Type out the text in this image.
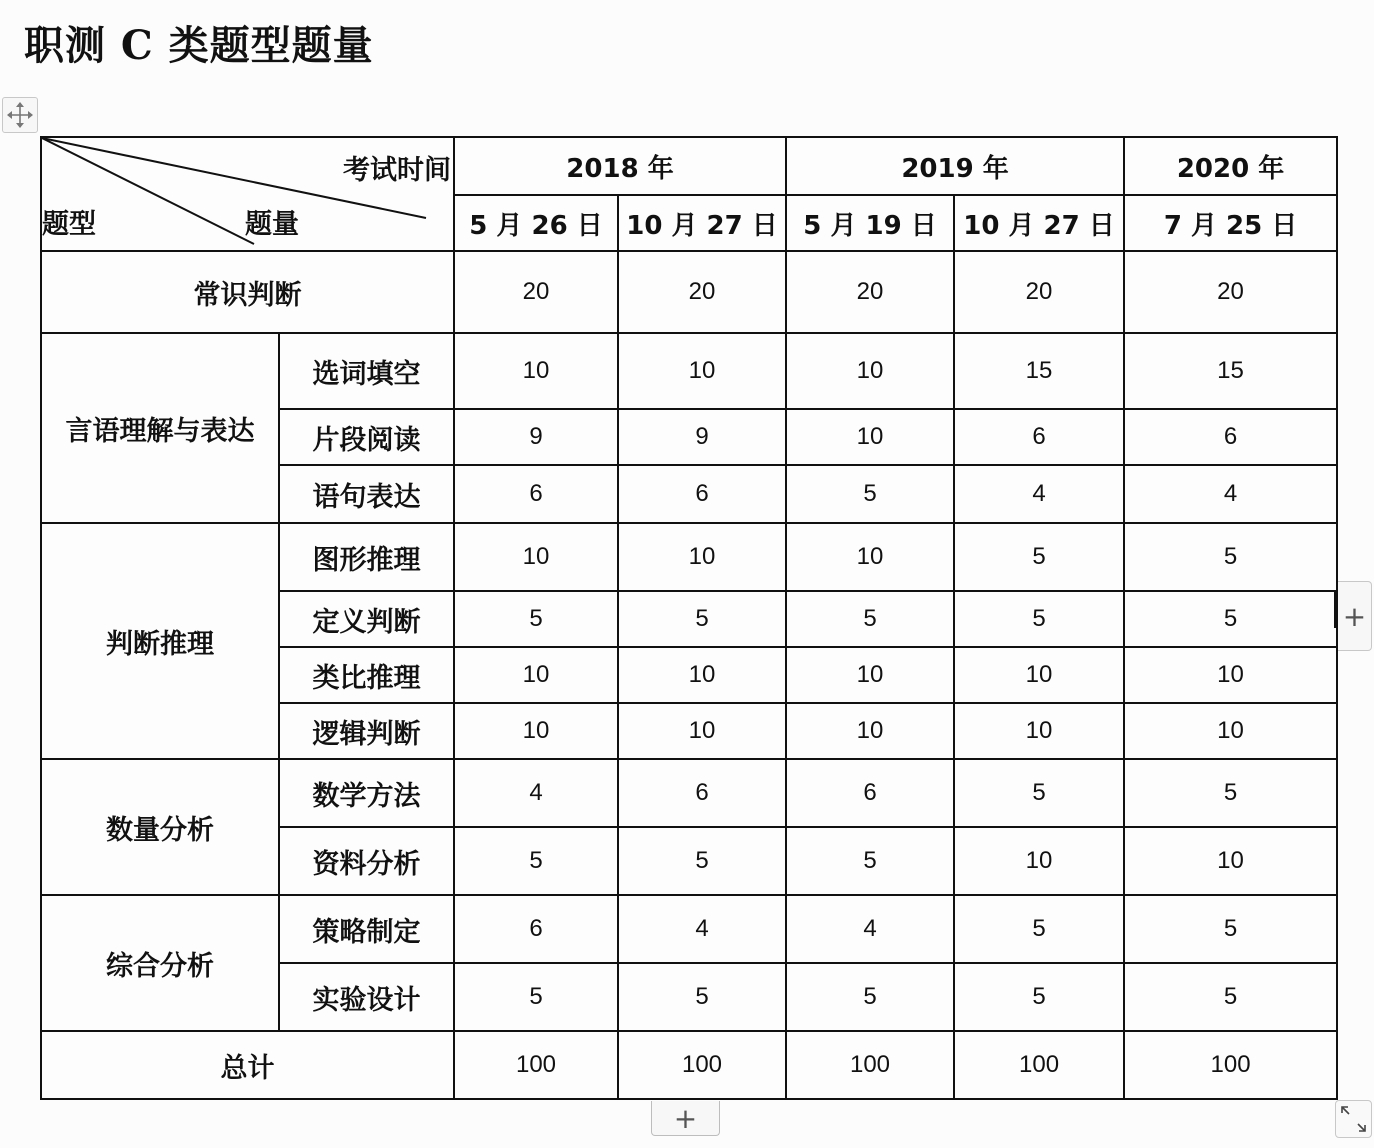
职测 C 类题型题量
考试时间
题型 题量		2018 年		2019 年		2020 年
		5 月 26 日	10 月 27 日	5 月 19 日	10 月 27 日	7 月 25 日
常识判断		20	20	20	20	20
言语理解与表达	选词填空	10	10	10	15	15
	片段阅读	9	9	10	6	6
	语句表达	6	6	5	4	4
判断推理	图形推理	10	10	10	5	5
	定义判断	5	5	5	5	5
	类比推理	10	10	10	10	10
	逻辑判断	10	10	10	10	10
数量分析	数学方法	4	6	6	5	5
	资料分析	5	5	5	10	10
综合分析	策略制定	6	4	4	5	5
	实验设计	5	5	5	5	5
总计		100	100	100	100	100
+
+
